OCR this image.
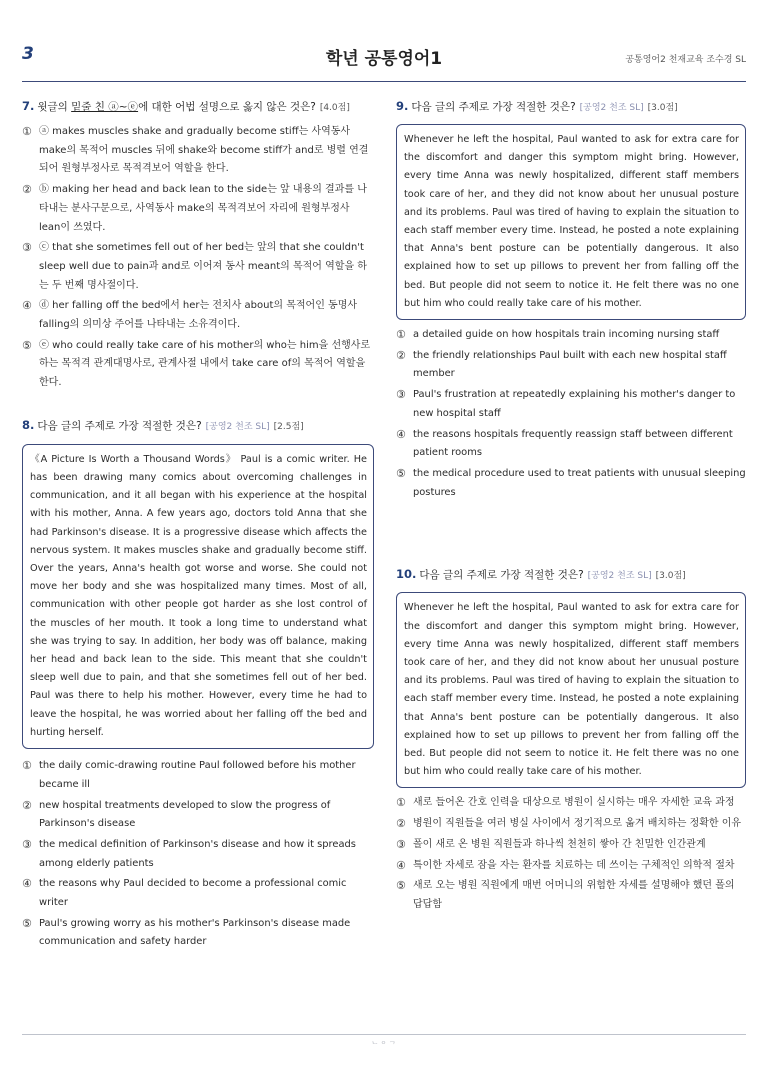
3	학년 공통영어1	공통영어2 천재교육 조수경 SL
7. 윗글의 밑줄 친 ⓐ~ⓔ에 대한 어법 설명으로 옳지 않은 것은? [4.0점]
① ⓐ makes muscles shake and gradually become stiff는 사역동사 make의 목적어 muscles 뒤에 shake와 become stiff가 and로 병렬 연결되어 원형부정사로 목적격보어 역할을 한다.
② ⓑ making her head and back lean to the side는 앞 내용의 결과를 나타내는 분사구문으로, 사역동사 make의 목적격보어 자리에 원형부정사 lean이 쓰였다.
③ ⓒ that she sometimes fell out of her bed는 앞의 that she couldn't sleep well due to pain과 and로 이어져 동사 meant의 목적어 역할을 하는 두 번째 명사절이다.
④ ⓓ her falling off the bed에서 her는 전치사 about의 목적어인 동명사 falling의 의미상 주어를 나타내는 소유격이다.
⑤ ⓔ who could really take care of his mother의 who는 him을 선행사로 하는 목적격 관계대명사로, 관계사절 내에서 take care of의 목적어 역할을 한다.
8. 다음 글의 주제로 가장 적절한 것은? [공영2 천조 SL] [2.5점]
《A Picture Is Worth a Thousand Words》 Paul is a comic writer. He has been drawing many comics about overcoming challenges in communication, and it all began with his experience at the hospital with his mother, Anna. A few years ago, doctors told Anna that she had Parkinson's disease. It is a progressive disease which affects the nervous system. It makes muscles shake and gradually become stiff. Over the years, Anna's health got worse and worse. She could not move her body and she was hospitalized many times. Most of all, communication with other people got harder as she lost control of the muscles of her mouth. It took a long time to understand what she was trying to say. In addition, her body was off balance, making her head and back lean to the side. This meant that she couldn't sleep well due to pain, and that she sometimes fell out of her bed. Paul was there to help his mother. However, every time he had to leave the hospital, he was worried about her falling off the bed and hurting herself.
① the daily comic-drawing routine Paul followed before his mother became ill
② new hospital treatments developed to slow the progress of Parkinson's disease
③ the medical definition of Parkinson's disease and how it spreads among elderly patients
④ the reasons why Paul decided to become a professional comic writer
⑤ Paul's growing worry as his mother's Parkinson's disease made communication and safety harder
9. 다음 글의 주제로 가장 적절한 것은? [공영2 천조 SL] [3.0점]
Whenever he left the hospital, Paul wanted to ask for extra care for the discomfort and danger this symptom might bring. However, every time Anna was newly hospitalized, different staff members took care of her, and they did not know about her unusual posture and its problems. Paul was tired of having to explain the situation to each staff member every time. Instead, he posted a note explaining that Anna's bent posture can be potentially dangerous. It also explained how to set up pillows to prevent her from falling off the bed. But people did not seem to notice it. He felt there was no one but him who could really take care of his mother.
① a detailed guide on how hospitals train incoming nursing staff
② the friendly relationships Paul built with each new hospital staff member
③ Paul's frustration at repeatedly explaining his mother's danger to new hospital staff
④ the reasons hospitals frequently reassign staff between different patient rooms
⑤ the medical procedure used to treat patients with unusual sleeping postures
10. 다음 글의 주제로 가장 적절한 것은? [공영2 천조 SL] [3.0점]
Whenever he left the hospital, Paul wanted to ask for extra care for the discomfort and danger this symptom might bring. However, every time Anna was newly hospitalized, different staff members took care of her, and they did not know about her unusual posture and its problems. Paul was tired of having to explain the situation to each staff member every time. Instead, he posted a note explaining that Anna's bent posture can be potentially dangerous. It also explained how to set up pillows to prevent her from falling off the bed. But people did not seem to notice it. He felt there was no one but him who could really take care of his mother.
① 새로 들어온 간호 인력을 대상으로 병원이 실시하는 매우 자세한 교육 과정
② 병원이 직원들을 여러 병실 사이에서 정기적으로 옮겨 배치하는 정확한 이유
③ 폴이 새로 온 병원 직원들과 하나씩 천천히 쌓아 간 친밀한 인간관계
④ 특이한 자세로 잠을 자는 환자를 치료하는 데 쓰이는 구체적인 의학적 절차
⑤ 새로 오는 병원 직원에게 매번 어머니의 위험한 자세를 설명해야 했던 폴의 답답함
ᄂᄋᄀ
